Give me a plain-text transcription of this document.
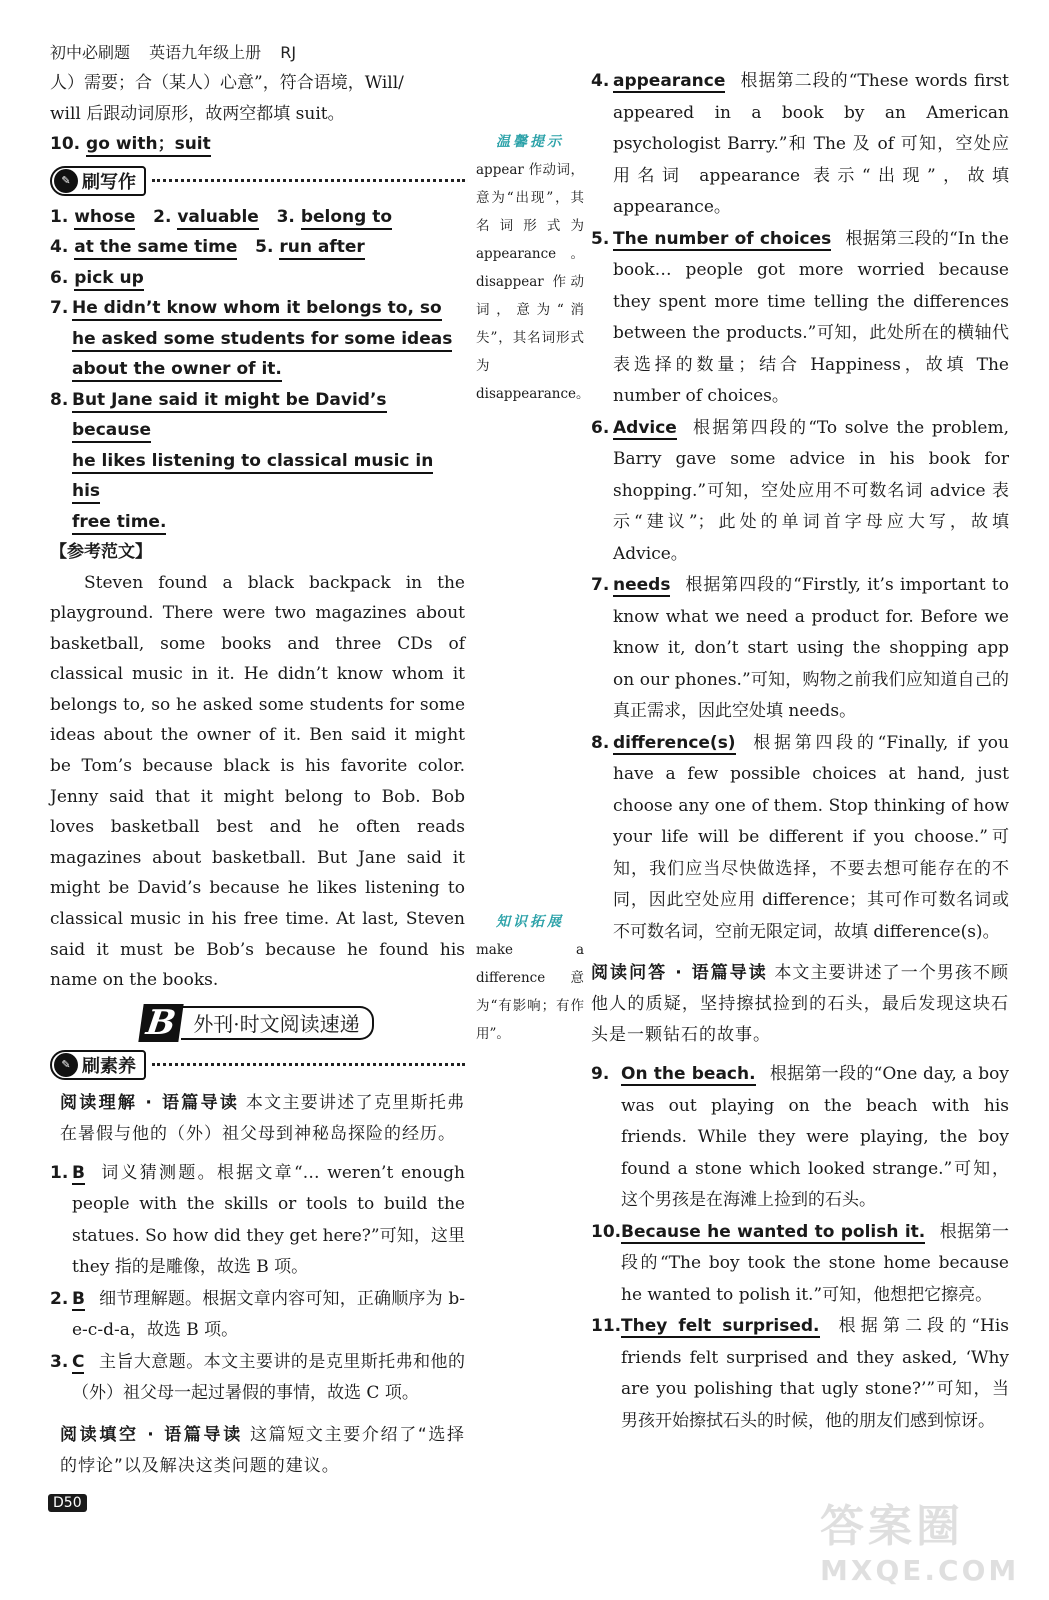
初中必刷题 英语九年级上册 RJ
人）需要；合（某人）心意”，符合语境，Will/
will 后跟动词原形，故两空都填 suit。
10. go with；suit
✎ 刷写作
1. whose 2. valuable 3. belong to
4. at the same time 5. run after
6. pick up
7. He didn’t know whom it belongs to, so
he asked some students for some ideas
about the owner of it.
8. But Jane said it might be David’s because
he likes listening to classical music in his
free time.
【参考范文】
Steven found a black backpack in the playground. There were two magazines about basketball, some books and three CDs of classical music in it. He didn’t know whom it belongs to, so he asked some students for some ideas about the owner of it. Ben said it might be Tom’s because black is his favorite color. Jenny said that it might belong to Bob. Bob loves basketball best and he often reads magazines about basketball. But Jane said it might be David’s because he likes listening to classical music in his free time. At last, Steven said it must be Bob’s because he found his name on the books.
B 外刊·时文阅读速递
✎ 刷素养
阅读理解 · 语篇导读 本文主要讲述了克里斯托弗在暑假与他的（外）祖父母到神秘岛探险的经历。
1. B 词义猜测题。根据文章“… weren’t enough people with the skills or tools to build the statues. So how did they get here?”可知，这里 they 指的是雕像，故选 B 项。
2. B 细节理解题。根据文章内容可知，正确顺序为 b-e-c-d-a，故选 B 项。
3. C 主旨大意题。本文主要讲的是克里斯托弗和他的（外）祖父母一起过暑假的事情，故选 C 项。
阅读填空 · 语篇导读 这篇短文主要介绍了“选择的悖论”以及解决这类问题的建议。
温馨提示
appear 作动词，意为“出现”，其名词形式为 appearance。disappear 作动词，意为“消失”，其名词形式为 disappearance。
知识拓展
make a difference 意为“有影响；有作用”。
4. appearance 根据第二段的“These words first appeared in a book by an American psychologist Barry.”和 The 及 of 可知，空处应用名词 appearance 表示“出现”，故填 appearance。
5. The number of choices 根据第三段的“In the book… people got more worried because they spent more time telling the differences between the products.”可知，此处所在的横轴代表选择的数量；结合 Happiness，故填 The number of choices。
6. Advice 根据第四段的“To solve the problem, Barry gave some advice in his book for shopping.”可知，空处应用不可数名词 advice 表示“建议”；此处的单词首字母应大写，故填 Advice。
7. needs 根据第四段的“Firstly, it’s important to know what we need a product for. Before we know it, don’t start using the shopping app on our phones.”可知，购物之前我们应知道自己的真正需求，因此空处填 needs。
8. difference(s) 根据第四段的“Finally, if you have a few possible choices at hand, just choose any one of them. Stop thinking of how your life will be different if you choose.”可知，我们应当尽快做选择，不要去想可能存在的不同，因此空处应用 difference；其可作可数名词或不可数名词，空前无限定词，故填 difference(s)。
阅读问答 · 语篇导读 本文主要讲述了一个男孩不顾他人的质疑，坚持擦拭捡到的石头，最后发现这块石头是一颗钻石的故事。
9. On the beach. 根据第一段的“One day, a boy was out playing on the beach with his friends. While they were playing, the boy found a stone which looked strange.”可知，这个男孩是在海滩上捡到的石头。
10. Because he wanted to polish it. 根据第一段的“The boy took the stone home because he wanted to polish it.”可知，他想把它擦亮。
11. They felt surprised. 根据第二段的“His friends felt surprised and they asked, ‘Why are you polishing that ugly stone?’”可知，当男孩开始擦拭石头的时候，他的朋友们感到惊讶。
D50	答案圈
MXQE.COM
